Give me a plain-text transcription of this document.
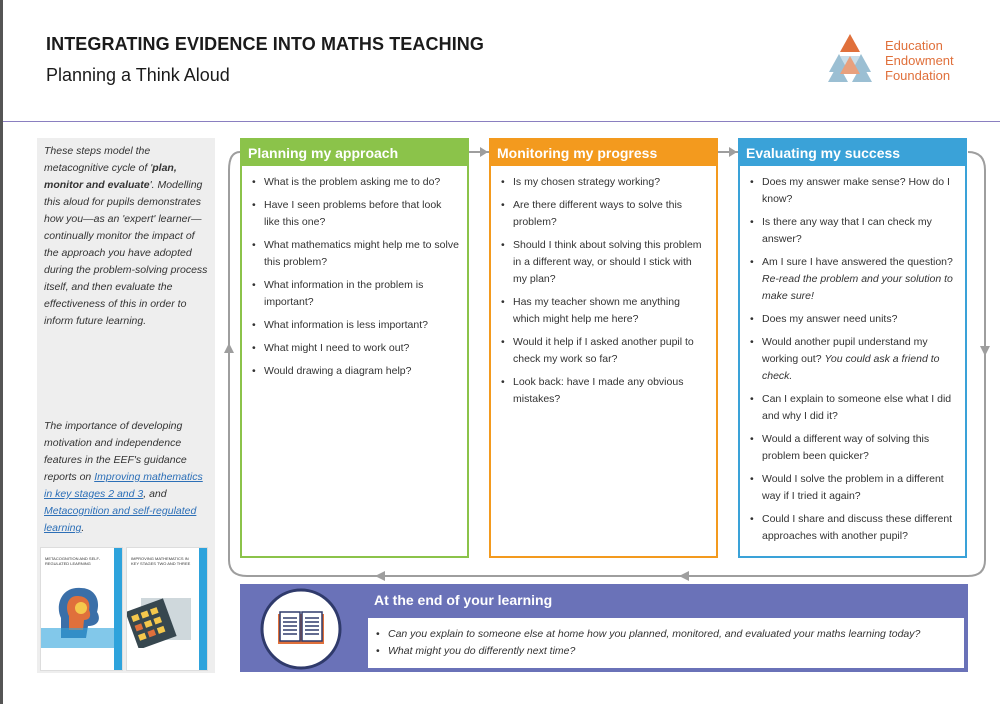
INTEGRATING EVIDENCE INTO MATHS TEACHING
Planning a Think Aloud
Education
Endowment
Foundation

These steps model the metacognitive cycle of 'plan, monitor and evaluate'. Modelling this aloud for pupils demonstrates how you—as an 'expert' learner—continually monitor the impact of the approach you have adopted during the problem-solving process itself, and then evaluate the effectiveness of this in order to inform future learning.

The importance of developing motivation and independence features in the EEF's guidance reports on Improving mathematics in key stages 2 and 3, and Metacognition and self-regulated learning.

METACOGNITION AND SELF-REGULATED LEARNING
IMPROVING MATHEMATICS IN KEY STAGES TWO AND THREE
Planning my approach
• What is the problem asking me to do?
• Have I seen problems before that look like this one?
• What mathematics might help me to solve this problem?
• What information in the problem is important?
• What information is less important?
• What might I need to work out?
• Would drawing a diagram help?
Monitoring my progress
• Is my chosen strategy working?
• Are there different ways to solve this problem?
• Should I think about solving this problem in a different way, or should I stick with my plan?
• Has my teacher shown me anything which might help me here?
• Would it help if I asked another pupil to check my work so far?
• Look back: have I made any obvious mistakes?
Evaluating my success
• Does my answer make sense? How do I know?
• Is there any way that I can check my answer?
• Am I sure I have answered the question? Re-read the problem and your solution to make sure!
• Does my answer need units?
• Would another pupil understand my working out? You could ask a friend to check.
• Can I explain to someone else what I did and why I did it?
• Would a different way of solving this problem been quicker?
• Would I solve the problem in a different way if I tried it again?
• Could I share and discuss these different approaches with another pupil?
At the end of your learning
• Can you explain to someone else at home how you planned, monitored, and evaluated your maths learning today?
• What might you do differently next time?
